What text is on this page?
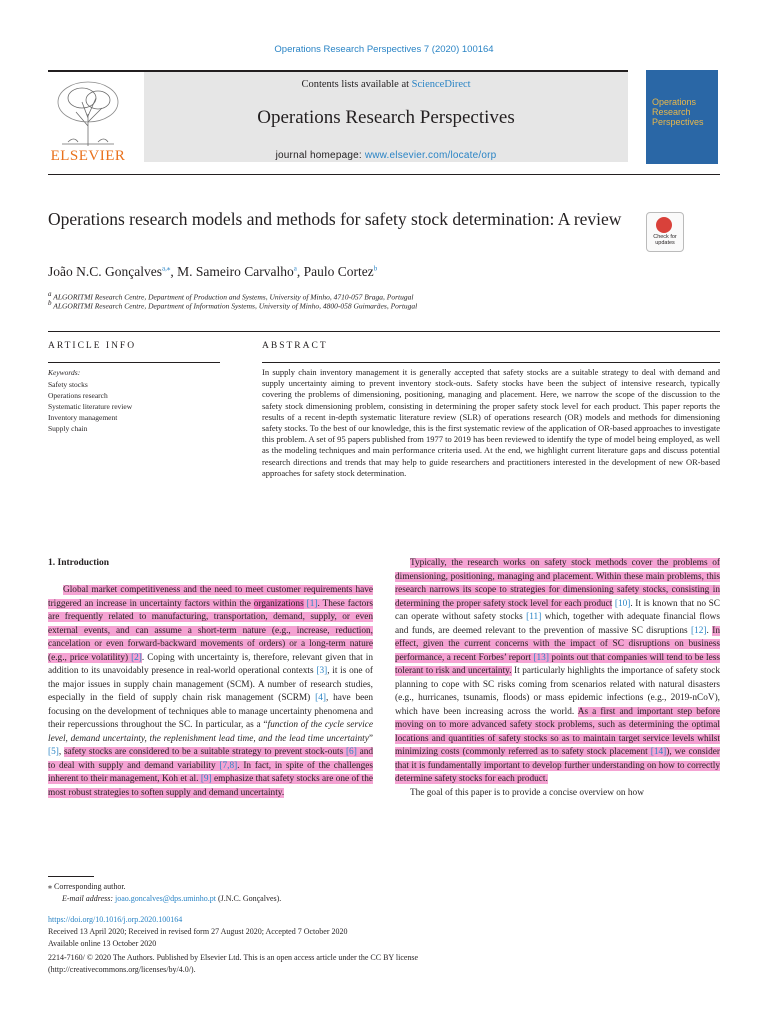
Operations Research Perspectives 7 (2020) 100164
ELSEVIER
Contents lists available at ScienceDirect
Operations Research Perspectives
journal homepage: www.elsevier.com/locate/orp
Operations Research Perspectives
Operations research models and methods for safety stock determination: A review
Check for updates
João N.C. Gonçalves$^{a,⁎}$, M. Sameiro Carvalho$^a$, Paulo Cortez$^b$
$^a$ ALGORITMI Research Centre, Department of Production and Systems, University of Minho, 4710-057 Braga, Portugal
$^b$ ALGORITMI Research Centre, Department of Information Systems, University of Minho, 4800-058 Guimarães, Portugal
ARTICLE INFO	ABSTRACT
Keywords:
Safety stocks
Operations research
Systematic literature review
Inventory management
Supply chain
In supply chain inventory management it is generally accepted that safety stocks are a suitable strategy to deal with demand and supply uncertainty aiming to prevent inventory stock-outs. Safety stocks have been the subject of intensive research, typically covering the problems of dimensioning, positioning, managing and placement. Here, we narrow the scope of the discussion to the safety stock dimensioning problem, consisting in determining the proper safety stock level for each product. This paper reports the results of a recent in-depth systematic literature review (SLR) of operations research (OR) models and methods for dimensioning safety stocks. To the best of our knowledge, this is the first systematic review of the application of OR-based approaches to investigate this problem. A set of 95 papers published from 1977 to 2019 has been reviewed to identify the type of model being employed, as well as the modeling techniques and main performance criteria used. At the end, we highlight current literature gaps and discuss potential research directions and trends that may help to guide researchers and practitioners interested in the development of new OR-based approaches for safety stock determination.
1. Introduction

Global market competitiveness and the need to meet customer requirements have triggered an increase in uncertainty factors within the organizations [1]. These factors are frequently related to manufacturing, transportation, demand, supply, or even external events, and can assume a short-term nature (e.g., increase, reduction, cancelation or even forward-backward movements of orders) or a long-term nature (e.g., price volatility) [2]. Coping with uncertainty is, therefore, relevant given that in addition to its unavoidably presence in real-world operational contexts [3], it is one of the major issues in supply chain management (SCM). A number of research studies, especially in the field of supply chain risk management (SCRM) [4], have been focusing on the development of techniques able to manage uncertainty phenomena and their repercussions throughout the SC. In particular, as a “function of the cycle service level, demand uncertainty, the replenishment lead time, and the lead time uncertainty” [5], safety stocks are considered to be a suitable strategy to prevent stock-outs [6] and to deal with supply and demand variability [7,8]. In fact, in spite of the challenges inherent to their management, Koh et al. [9] emphasize that safety stocks are one of the most robust strategies to soften supply and demand uncertainty.

Typically, the research works on safety stock methods cover the problems of dimensioning, positioning, managing and placement. Within these main problems, this research narrows its scope to strategies for dimensioning safety stocks, consisting in determining the proper safety stock level for each product [10]. It is known that no SC can operate without safety stocks [11] which, together with adequate financial flows and funds, are deemed relevant to the prevention of massive SC disruptions [12]. In effect, given the current concerns with the impact of SC disruptions on business performance, a recent Forbes’ report [13] points out that companies will tend to be less tolerant to risk and uncertainty. It particularly highlights the importance of safety stock planning to cope with SC risks coming from scenarios related with natural disasters (e.g., hurricanes, tsunamis, floods) or mass epidemic infections (e.g., 2019-nCoV), which have been increasing across the world. As a first and important step before moving on to more advanced safety stock problems, such as determining the optimal locations and quantities of safety stocks so as to maintain target service levels whilst minimizing costs (commonly referred as to safety stock placement [14]), we consider that it is fundamentally important to develop further understanding on how to correctly determine safety stocks for each product.

The goal of this paper is to provide a concise overview on how

⁎ Corresponding author.
E-mail address: joao.goncalves@dps.uminho.pt (J.N.C. Gonçalves).
https://doi.org/10.1016/j.orp.2020.100164
Received 13 April 2020; Received in revised form 27 August 2020; Accepted 7 October 2020
Available online 13 October 2020
2214-7160/ © 2020 The Authors. Published by Elsevier Ltd. This is an open access article under the CC BY license
(http://creativecommons.org/licenses/by/4.0/).
